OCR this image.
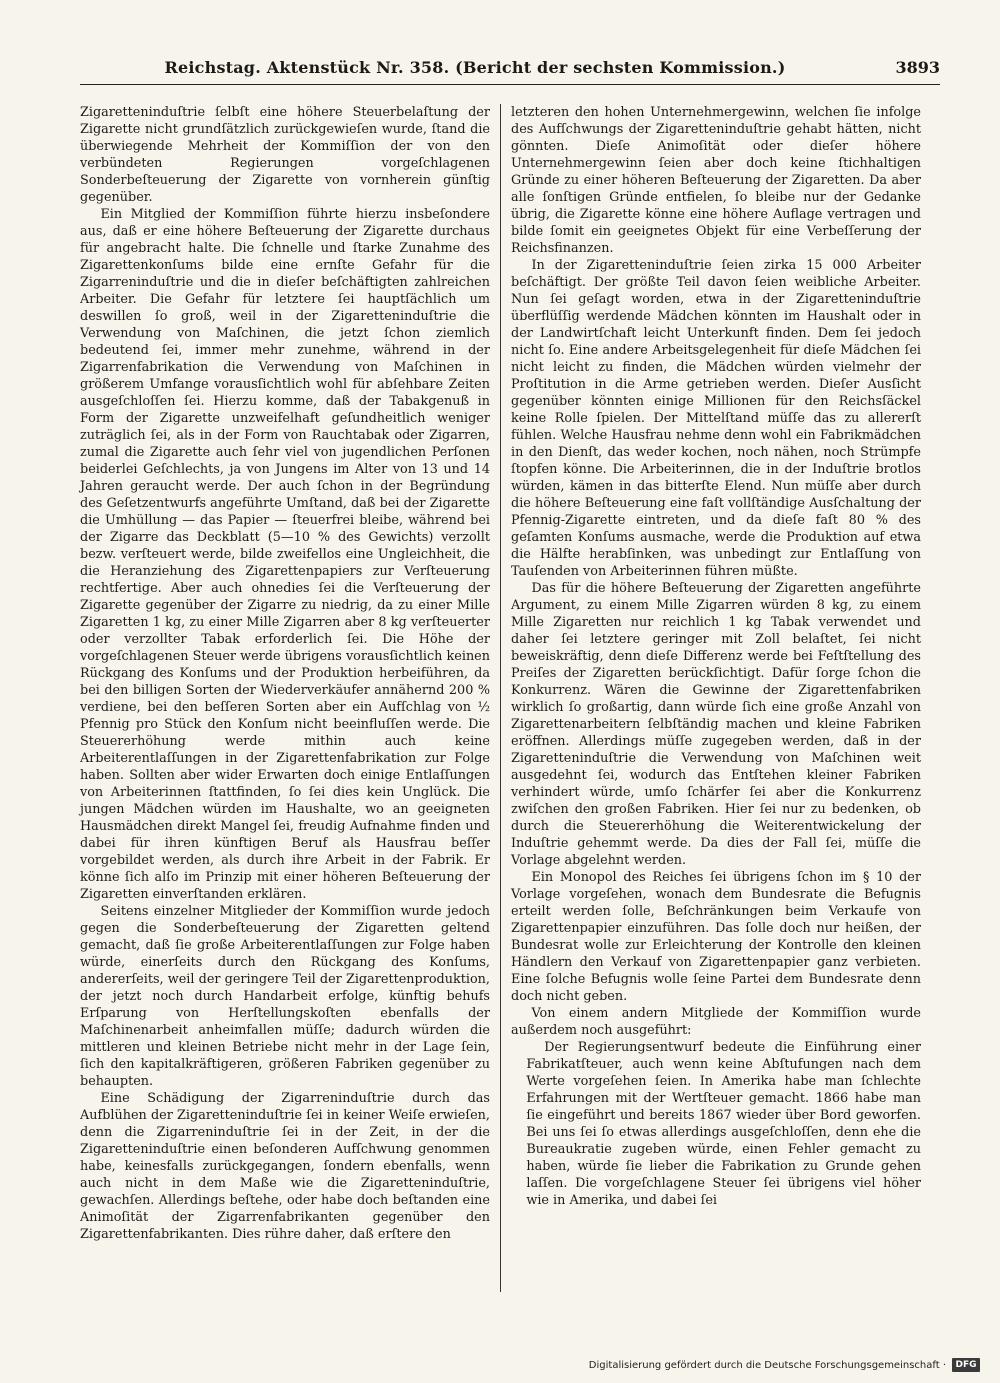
Reichstag. Aktenstück Nr. 358. (Bericht der sechsten Kommission.)	3893

Zigaretteninduſtrie ſelbſt eine höhere Steuerbelaſtung der Zigarette nicht grundſätzlich zurückgewieſen wurde, ſtand die überwiegende Mehrheit der Kommiſſion der von den verbündeten Regierungen vorgeſchlagenen Sonderbeſteuerung der Zigarette von vornherein günſtig gegenüber.

Ein Mitglied der Kommiſſion führte hierzu insbeſondere aus, daß er eine höhere Beſteuerung der Zigarette durchaus für angebracht halte. Die ſchnelle und ſtarke Zunahme des Zigarettenkonſums bilde eine ernſte Gefahr für die Zigarreninduſtrie und die in dieſer beſchäftigten zahlreichen Arbeiter. Die Gefahr für letztere ſei hauptſächlich um deswillen ſo groß, weil in der Zigaretteninduſtrie die Verwendung von Maſchinen, die jetzt ſchon ziemlich bedeutend ſei, immer mehr zunehme, während in der Zigarrenfabrikation die Verwendung von Maſchinen in größerem Umfange vorausſichtlich wohl für abſehbare Zeiten ausgeſchloſſen ſei. Hierzu komme, daß der Tabakgenuß in Form der Zigarette unzweifelhaft geſundheitlich weniger zuträglich ſei, als in der Form von Rauchtabak oder Zigarren, zumal die Zigarette auch ſehr viel von jugendlichen Perſonen beiderlei Geſchlechts, ja von Jungens im Alter von 13 und 14 Jahren geraucht werde. Der auch ſchon in der Begründung des Geſetzentwurfs angeführte Umſtand, daß bei der Zigarette die Umhüllung — das Papier — ſteuerfrei bleibe, während bei der Zigarre das Deckblatt (5—10 % des Gewichts) verzollt bezw. verſteuert werde, bilde zweifellos eine Ungleichheit, die die Heranziehung des Zigarettenpapiers zur Verſteuerung rechtfertige. Aber auch ohnedies ſei die Verſteuerung der Zigarette gegenüber der Zigarre zu niedrig, da zu einer Mille Zigaretten 1 kg, zu einer Mille Zigarren aber 8 kg verſteuerter oder verzollter Tabak erforderlich ſei. Die Höhe der vorgeſchlagenen Steuer werde übrigens vorausſichtlich keinen Rückgang des Konſums und der Produktion herbeiführen, da bei den billigen Sorten der Wiederverkäufer annähernd 200 % verdiene, bei den beſſeren Sorten aber ein Aufſchlag von ½ Pfennig pro Stück den Konſum nicht beeinfluſſen werde. Die Steuererhöhung werde mithin auch keine Arbeiterentlaſſungen in der Zigarettenfabrikation zur Folge haben. Sollten aber wider Erwarten doch einige Entlaſſungen von Arbeiterinnen ſtattfinden, ſo ſei dies kein Unglück. Die jungen Mädchen würden im Haushalte, wo an geeigneten Hausmädchen direkt Mangel ſei, freudig Aufnahme finden und dabei für ihren künftigen Beruf als Hausfrau beſſer vorgebildet werden, als durch ihre Arbeit in der Fabrik. Er könne ſich alſo im Prinzip mit einer höheren Beſteuerung der Zigaretten einverſtanden erklären.

Seitens einzelner Mitglieder der Kommiſſion wurde jedoch gegen die Sonderbeſteuerung der Zigaretten geltend gemacht, daß ſie große Arbeiterentlaſſungen zur Folge haben würde, einerſeits durch den Rückgang des Konſums, andererſeits, weil der geringere Teil der Zigarettenproduktion, der jetzt noch durch Handarbeit erfolge, künftig behufs Erſparung von Herſtellungskoſten ebenfalls der Maſchinenarbeit anheimfallen müſſe; dadurch würden die mittleren und kleinen Betriebe nicht mehr in der Lage ſein, ſich den kapitalkräftigeren, größeren Fabriken gegenüber zu behaupten.

Eine Schädigung der Zigarreninduſtrie durch das Aufblühen der Zigaretteninduſtrie ſei in keiner Weiſe erwieſen, denn die Zigarreninduſtrie ſei in der Zeit, in der die Zigaretteninduſtrie einen beſonderen Aufſchwung genommen habe, keinesfalls zurückgegangen, ſondern ebenfalls, wenn auch nicht in dem Maße wie die Zigaretteninduſtrie, gewachſen. Allerdings beſtehe, oder habe doch beſtanden eine Animoſität der Zigarrenfabrikanten gegenüber den Zigarettenfabrikanten. Dies rühre daher, daß erſtere den

letzteren den hohen Unternehmergewinn, welchen ſie infolge des Aufſchwungs der Zigaretteninduſtrie gehabt hätten, nicht gönnten. Dieſe Animoſität oder dieſer höhere Unternehmergewinn ſeien aber doch keine ſtichhaltigen Gründe zu einer höheren Beſteuerung der Zigaretten. Da aber alle ſonſtigen Gründe entfielen, ſo bleibe nur der Gedanke übrig, die Zigarette könne eine höhere Auflage vertragen und bilde ſomit ein geeignetes Objekt für eine Verbeſſerung der Reichsfinanzen.

In der Zigaretteninduſtrie ſeien zirka 15 000 Arbeiter beſchäftigt. Der größte Teil davon ſeien weibliche Arbeiter. Nun ſei geſagt worden, etwa in der Zigaretteninduſtrie überflüſſig werdende Mädchen könnten im Haushalt oder in der Landwirtſchaft leicht Unterkunft finden. Dem ſei jedoch nicht ſo. Eine andere Arbeitsgelegenheit für dieſe Mädchen ſei nicht leicht zu finden, die Mädchen würden vielmehr der Proſtitution in die Arme getrieben werden. Dieſer Ausſicht gegenüber könnten einige Millionen für den Reichsſäckel keine Rolle ſpielen. Der Mittelſtand müſſe das zu allererſt fühlen. Welche Hausfrau nehme denn wohl ein Fabrikmädchen in den Dienſt, das weder kochen, noch nähen, noch Strümpfe ſtopfen könne. Die Arbeiterinnen, die in der Induſtrie brotlos würden, kämen in das bitterſte Elend. Nun müſſe aber durch die höhere Beſteuerung eine faſt vollſtändige Ausſchaltung der Pfennig-Zigarette eintreten, und da dieſe faſt 80 % des geſamten Konſums ausmache, werde die Produktion auf etwa die Hälfte herabſinken, was unbedingt zur Entlaſſung von Tauſenden von Arbeiterinnen führen müßte.

Das für die höhere Beſteuerung der Zigaretten angeführte Argument, zu einem Mille Zigarren würden 8 kg, zu einem Mille Zigaretten nur reichlich 1 kg Tabak verwendet und daher ſei letztere geringer mit Zoll belaſtet, ſei nicht beweiskräftig, denn dieſe Differenz werde bei Feſtſtellung des Preiſes der Zigaretten berückſichtigt. Dafür ſorge ſchon die Konkurrenz. Wären die Gewinne der Zigarettenfabriken wirklich ſo großartig, dann würde ſich eine große Anzahl von Zigarettenarbeitern ſelbſtändig machen und kleine Fabriken eröffnen. Allerdings müſſe zugegeben werden, daß in der Zigaretteninduſtrie die Verwendung von Maſchinen weit ausgedehnt ſei, wodurch das Entſtehen kleiner Fabriken verhindert würde, umſo ſchärfer ſei aber die Konkurrenz zwiſchen den großen Fabriken. Hier ſei nur zu bedenken, ob durch die Steuererhöhung die Weiterentwickelung der Induſtrie gehemmt werde. Da dies der Fall ſei, müſſe die Vorlage abgelehnt werden.

Ein Monopol des Reiches ſei übrigens ſchon im § 10 der Vorlage vorgeſehen, wonach dem Bundesrate die Befugnis erteilt werden ſolle, Beſchränkungen beim Verkaufe von Zigarettenpapier einzuführen. Das ſolle doch nur heißen, der Bundesrat wolle zur Erleichterung der Kontrolle den kleinen Händlern den Verkauf von Zigarettenpapier ganz verbieten. Eine ſolche Befugnis wolle ſeine Partei dem Bundesrate denn doch nicht geben.

Von einem andern Mitgliede der Kommiſſion wurde außerdem noch ausgeführt:

Der Regierungsentwurf bedeute die Einführung einer Fabrikatſteuer, auch wenn keine Abſtufungen nach dem Werte vorgeſehen ſeien. In Amerika habe man ſchlechte Erfahrungen mit der Wertſteuer gemacht. 1866 habe man ſie eingeführt und bereits 1867 wieder über Bord geworfen. Bei uns ſei ſo etwas allerdings ausgeſchloſſen, denn ehe die Bureaukratie zugeben würde, einen Fehler gemacht zu haben, würde ſie lieber die Fabrikation zu Grunde gehen laſſen. Die vorgeſchlagene Steuer ſei übrigens viel höher wie in Amerika, und dabei ſei

Digitalisierung gefördert durch die Deutsche Forschungsgemeinschaft ·	DFG
